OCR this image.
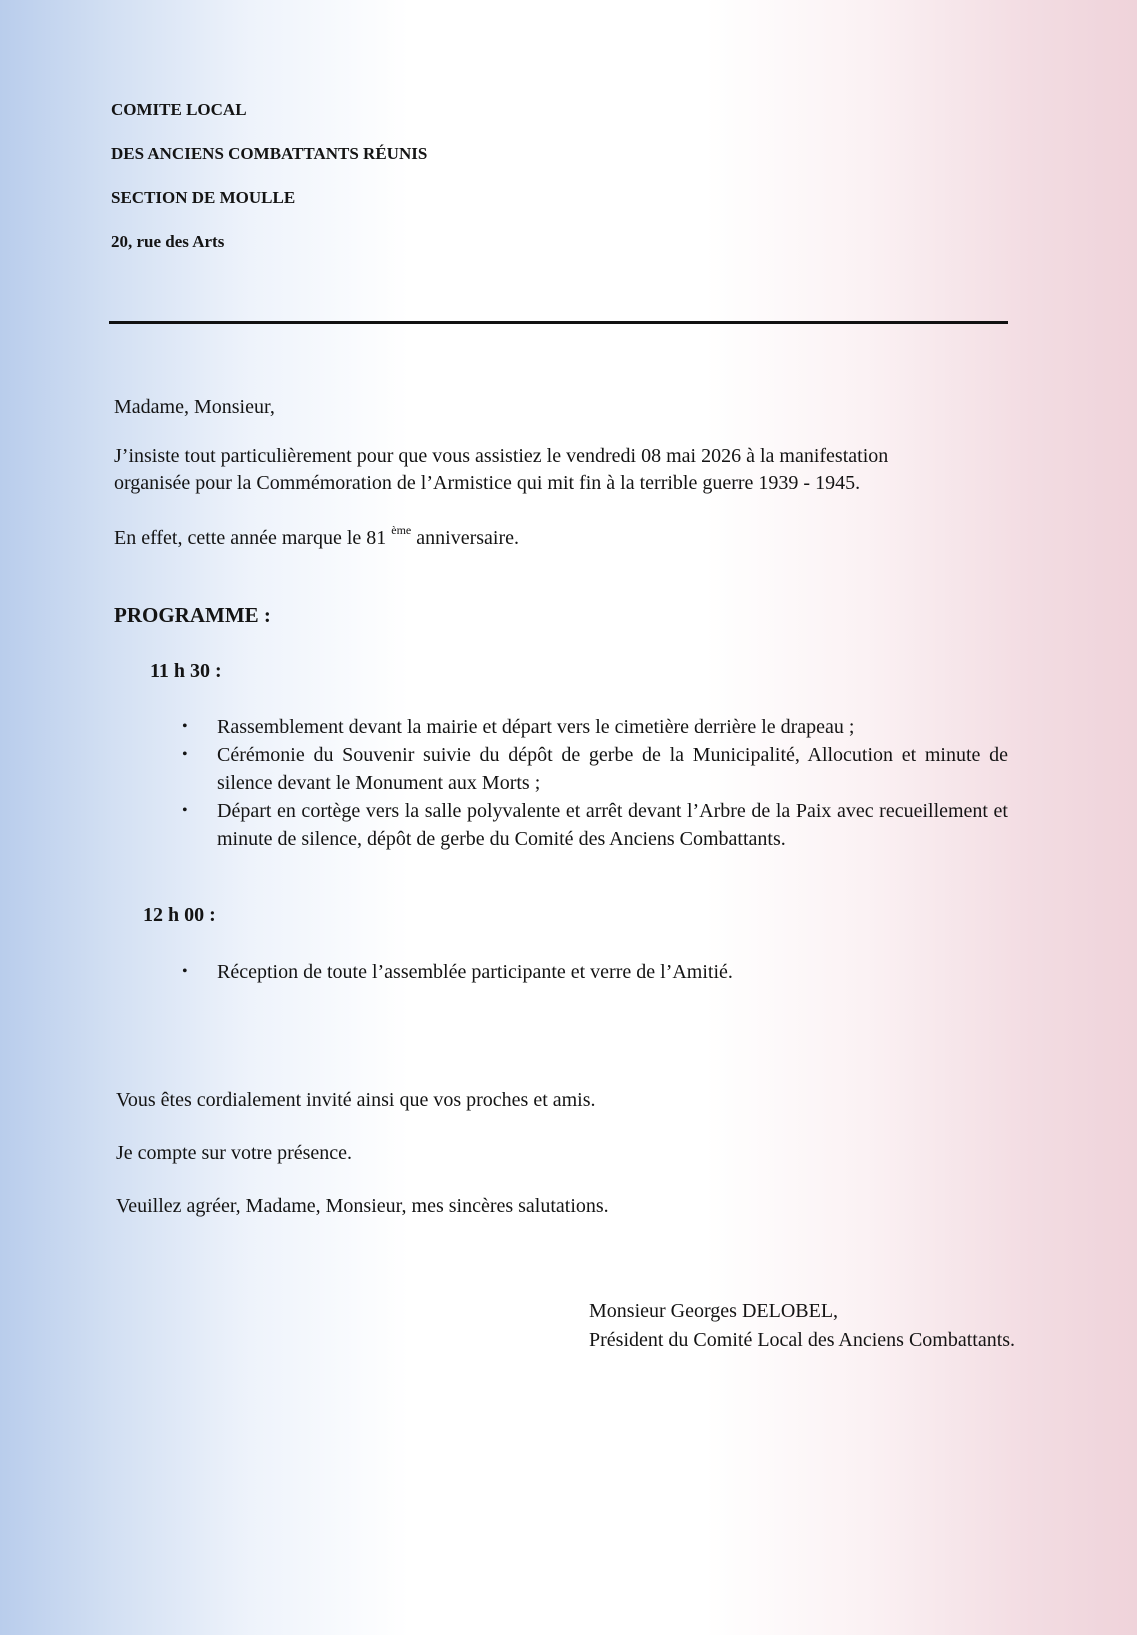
COMITE LOCAL
DES ANCIENS COMBATTANTS RÉUNIS
SECTION DE MOULLE
20, rue des Arts
Madame, Monsieur,
J’insiste tout particulièrement pour que vous assistiez le vendredi 08 mai 2026 à la manifestation
organisée pour la Commémoration de l’Armistice qui mit fin à la terrible guerre 1939 - 1945.
En effet, cette année marque le 81 $^{ème}$ anniversaire.
PROGRAMME :
11 h 30 :
• Rassemblement devant la mairie et départ vers le cimetière derrière le drapeau ;
• Cérémonie du Souvenir suivie du dépôt de gerbe de la Municipalité, Allocution et minute de silence devant le Monument aux Morts ;
• Départ en cortège vers la salle polyvalente et arrêt devant l’Arbre de la Paix avec recueillement et minute de silence, dépôt de gerbe du Comité des Anciens Combattants.
12 h 00 :
• Réception de toute l’assemblée participante et verre de l’Amitié.
Vous êtes cordialement invité ainsi que vos proches et amis.
Je compte sur votre présence.
Veuillez agréer, Madame, Monsieur, mes sincères salutations.
Monsieur Georges DELOBEL,
Président du Comité Local des Anciens Combattants.
